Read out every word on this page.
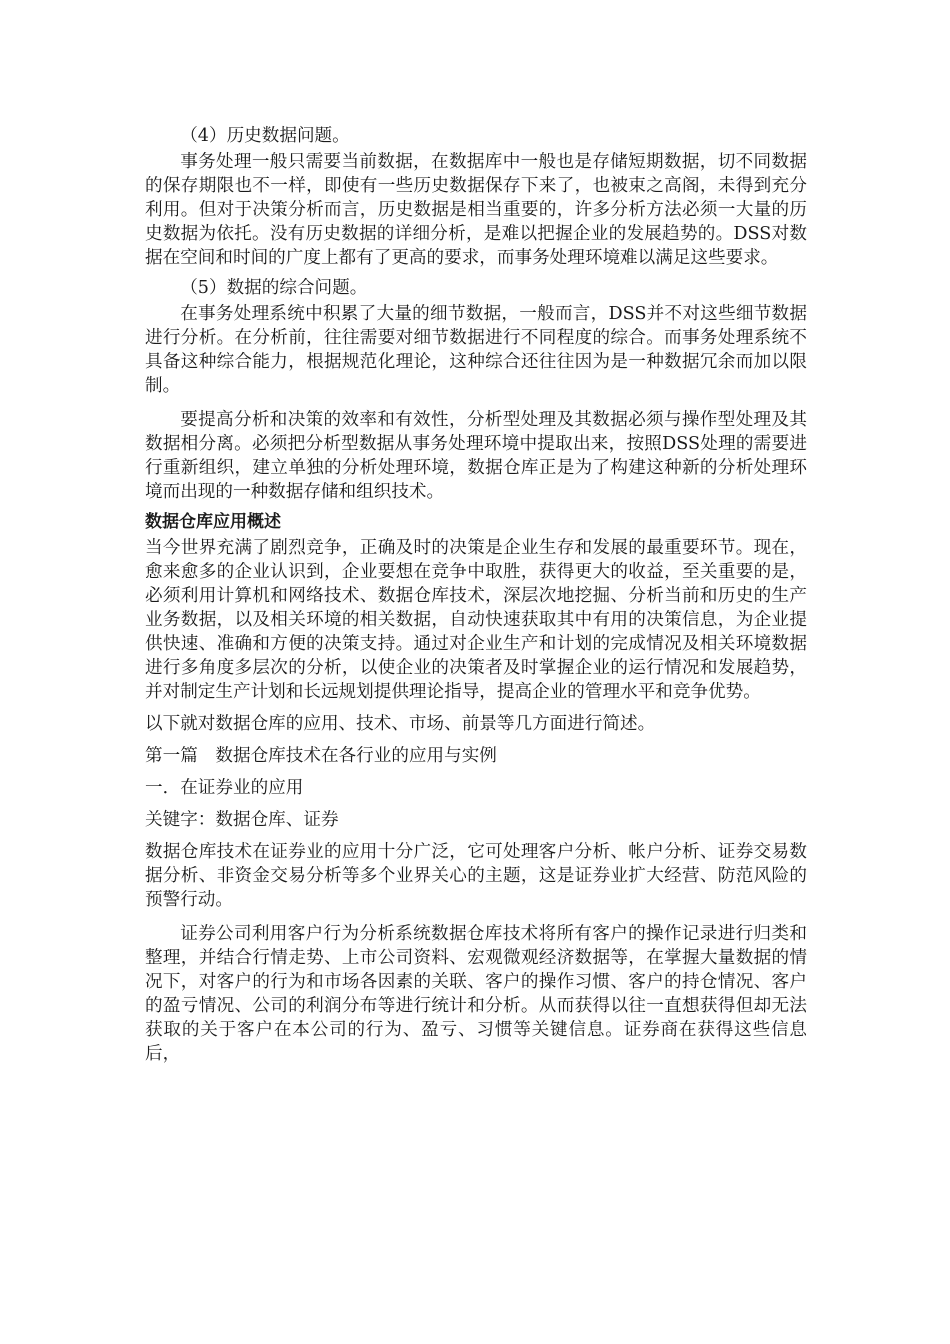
（4）历史数据问题。

事务处理一般只需要当前数据，在数据库中一般也是存储短期数据，切不同数据的保存期限也不一样，即使有一些历史数据保存下来了，也被束之高阁，未得到充分利用。但对于决策分析而言，历史数据是相当重要的，许多分析方法必须一大量的历史数据为依托。没有历史数据的详细分析，是难以把握企业的发展趋势的。DSS对数据在空间和时间的广度上都有了更高的要求，而事务处理环境难以满足这些要求。

（5）数据的综合问题。

在事务处理系统中积累了大量的细节数据，一般而言，DSS并不对这些细节数据进行分析。在分析前，往往需要对细节数据进行不同程度的综合。而事务处理系统不具备这种综合能力，根据规范化理论，这种综合还往往因为是一种数据冗余而加以限制。

要提高分析和决策的效率和有效性，分析型处理及其数据必须与操作型处理及其数据相分离。必须把分析型数据从事务处理环境中提取出来，按照DSS处理的需要进行重新组织，建立单独的分析处理环境，数据仓库正是为了构建这种新的分析处理环境而出现的一种数据存储和组织技术。

数据仓库应用概述

当今世界充满了剧烈竞争，正确及时的决策是企业生存和发展的最重要环节。现在，愈来愈多的企业认识到，企业要想在竞争中取胜，获得更大的收益，至关重要的是，必须利用计算机和网络技术、数据仓库技术，深层次地挖掘、分析当前和历史的生产业务数据，以及相关环境的相关数据，自动快速获取其中有用的决策信息，为企业提供快速、准确和方便的决策支持。通过对企业生产和计划的完成情况及相关环境数据进行多角度多层次的分析，以使企业的决策者及时掌握企业的运行情况和发展趋势，并对制定生产计划和长远规划提供理论指导，提高企业的管理水平和竞争优势。

以下就对数据仓库的应用、技术、市场、前景等几方面进行简述。

第一篇　数据仓库技术在各行业的应用与实例

一．在证券业的应用

关键字：数据仓库、证券

数据仓库技术在证券业的应用十分广泛，它可处理客户分析、帐户分析、证券交易数据分析、非资金交易分析等多个业界关心的主题，这是证券业扩大经营、防范风险的预警行动。

证券公司利用客户行为分析系统数据仓库技术将所有客户的操作记录进行归类和整理，并结合行情走势、上市公司资料、宏观微观经济数据等，在掌握大量数据的情况下，对客户的行为和市场各因素的关联、客户的操作习惯、客户的持仓情况、客户的盈亏情况、公司的利润分布等进行统计和分析。从而获得以往一直想获得但却无法获取的关于客户在本公司的行为、盈亏、习惯等关键信息。证券商在获得这些信息后，
